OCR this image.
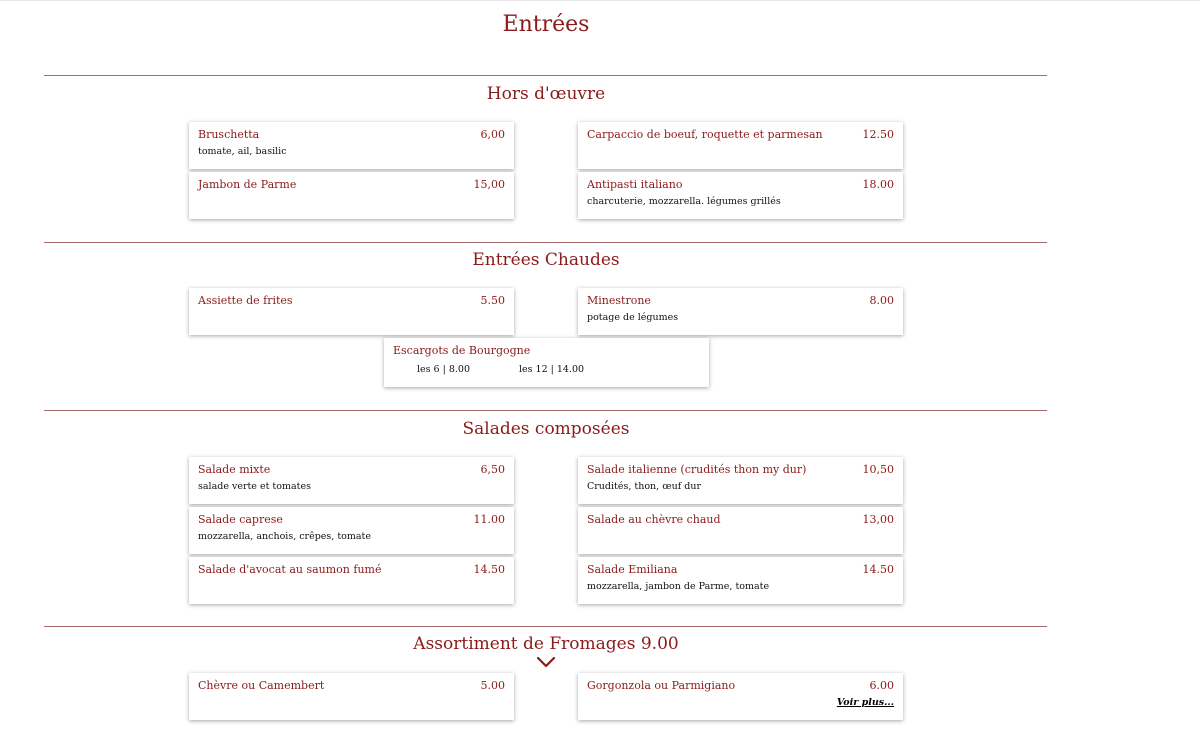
Entrées
Hors d'œuvre
Bruschetta	6,00
tomate, ail, basilic
Carpaccio de boeuf, roquette et parmesan	12.50
Jambon de Parme	15,00	Antipasti italiano	18.00
charcuterie, mozzarella. légumes grillés
Entrées Chaudes
Assiette de frites	5.50	Minestrone	8.00
potage de légumes
Escargots de Bourgogne
les 6 | 8.00	les 12 | 14.00
Salades composées
Salade mixte	6,50
salade verte et tomates
Salade italienne (crudités thon my dur)	10,50
Crudités, thon, œuf dur
Salade caprese	11.00
mozzarella, anchois, crêpes, tomate
Salade au chèvre chaud	13,00
Salade d'avocat au saumon fumé	14.50	Salade Emiliana	14.50
mozzarella, jambon de Parme, tomate
Assortiment de Fromages 9.00
Chèvre ou Camembert	5.00	Gorgonzola ou Parmigiano	6.00
Voir plus...
